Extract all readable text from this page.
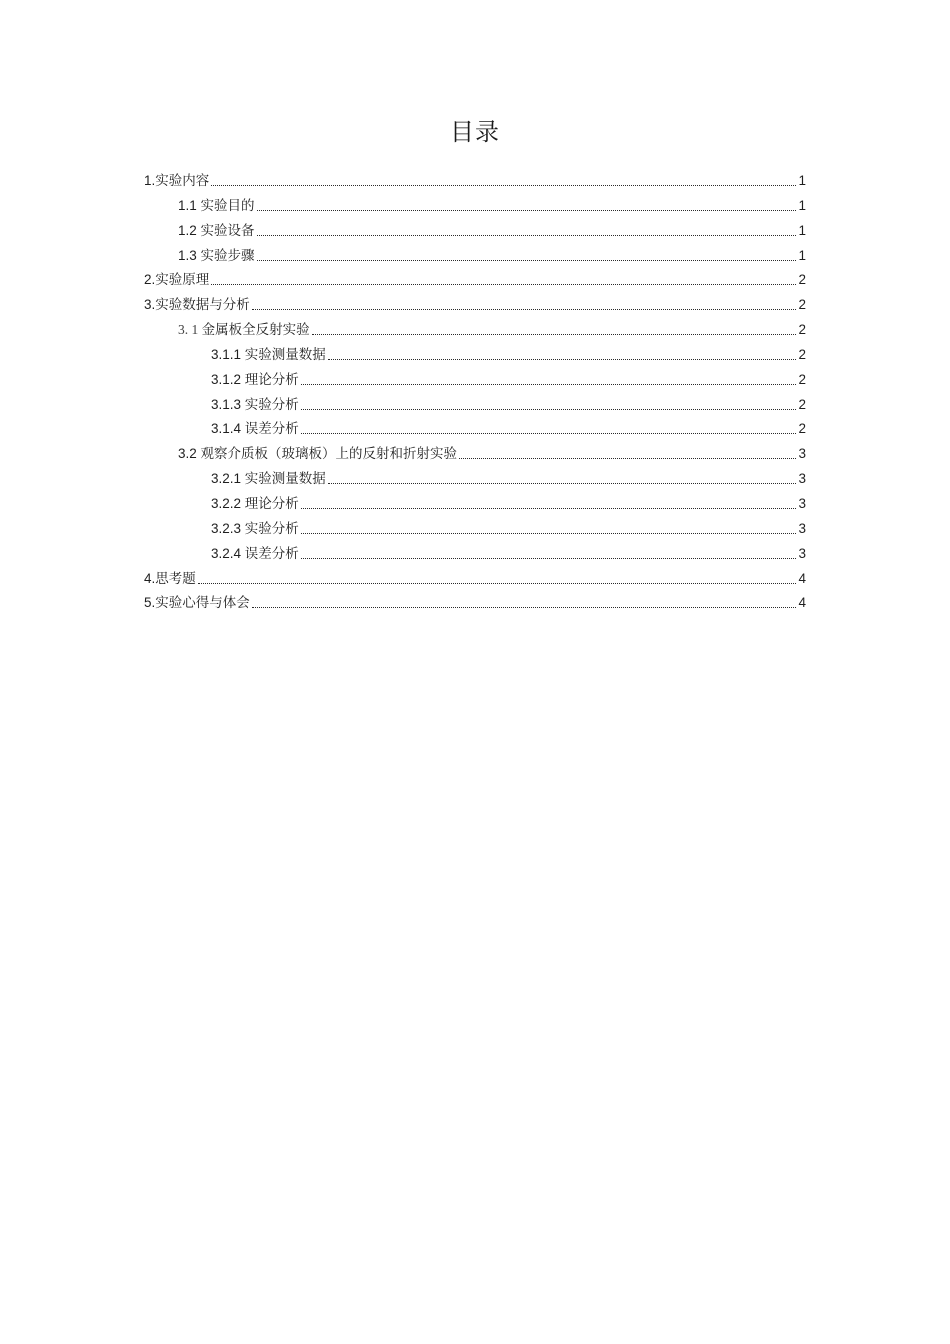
目录
1.实验内容	1
1.1 实验目的	1
1.2 实验设备	1
1.3 实验步骤	1
2.实验原理	2
3.实验数据与分析	2
3. 1 金属板全反射实验	2
3.1.1 实验测量数据	2
3.1.2 理论分析	2
3.1.3 实验分析	2
3.1.4 误差分析	2
3.2 观察介质板（玻璃板）上的反射和折射实验	3
3.2.1 实验测量数据	3
3.2.2 理论分析	3
3.2.3 实验分析	3
3.2.4 误差分析	3
4.思考题	4
5.实验心得与体会	4
